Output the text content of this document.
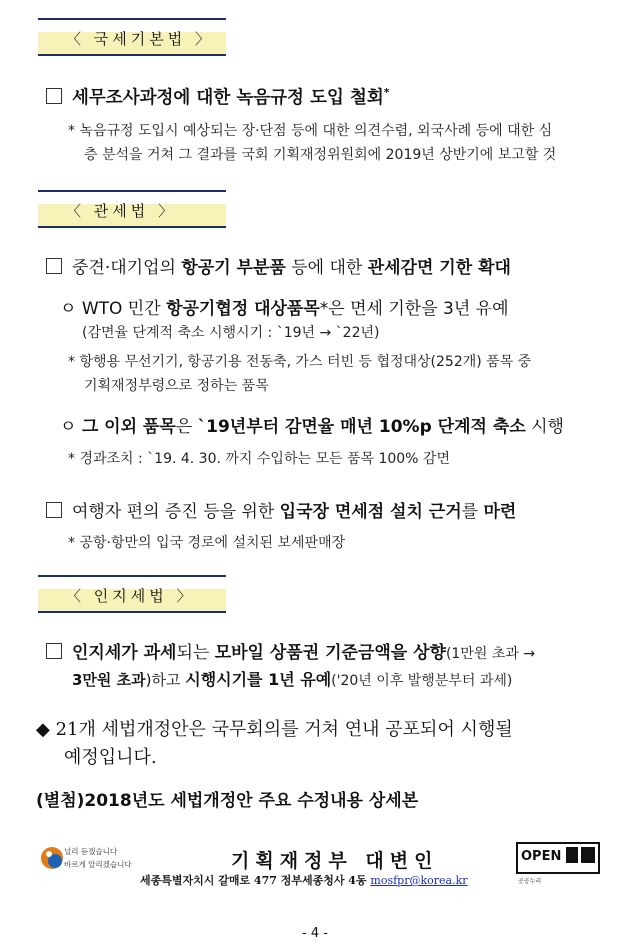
〈 국세기본법 〉
세무조사과정에 대한 녹음규정 도입 철회*
* 녹음규정 도입시 예상되는 장·단점 등에 대한 의견수렴, 외국사례 등에 대한 심
층 분석을 거쳐 그 결과를 국회 기획재정위원회에 2019년 상반기에 보고할 것
〈 관세법 〉
중견·대기업의 항공기 부분품 등에 대한 관세감면 기한 확대
ㅇ WTO 민간 항공기협정 대상품목*은 면세 기한을 3년 유예
(감면율 단계적 축소 시행시기 : `19년 → `22년)
* 항행용 무선기기, 항공기용 전동축, 가스 터빈 등 협정대상(252개) 품목 중
기획재정부령으로 정하는 품목
ㅇ 그 이외 품목은 `19년부터 감면율 매년 10%p 단계적 축소 시행
* 경과조치 : `19. 4. 30. 까지 수입하는 모든 품목 100% 감면
여행자 편의 증진 등을 위한 입국장 면세점 설치 근거를 마련
* 공항·항만의 입국 경로에 설치된 보세판매장
〈 인지세법 〉
인지세가 과세되는 모바일 상품권 기준금액을 상향(1만원 초과 →
3만원 초과)하고 시행시기를 1년 유예('20년 이후 발행분부터 과세)
◆ 21개 세법개정안은 국무회의를 거쳐 연내 공포되어 시행될
예정입니다.
(별첨)2018년도 세법개정안 주요 수정내용 상세본
널리 듣겠습니다
바르게 알리겠습니다	기획재정부 대변인
세종특별자치시 갈매로 477 정부세종청사 4동 mosfpr@korea.kr
OPEN
공공누리
- 4 -
